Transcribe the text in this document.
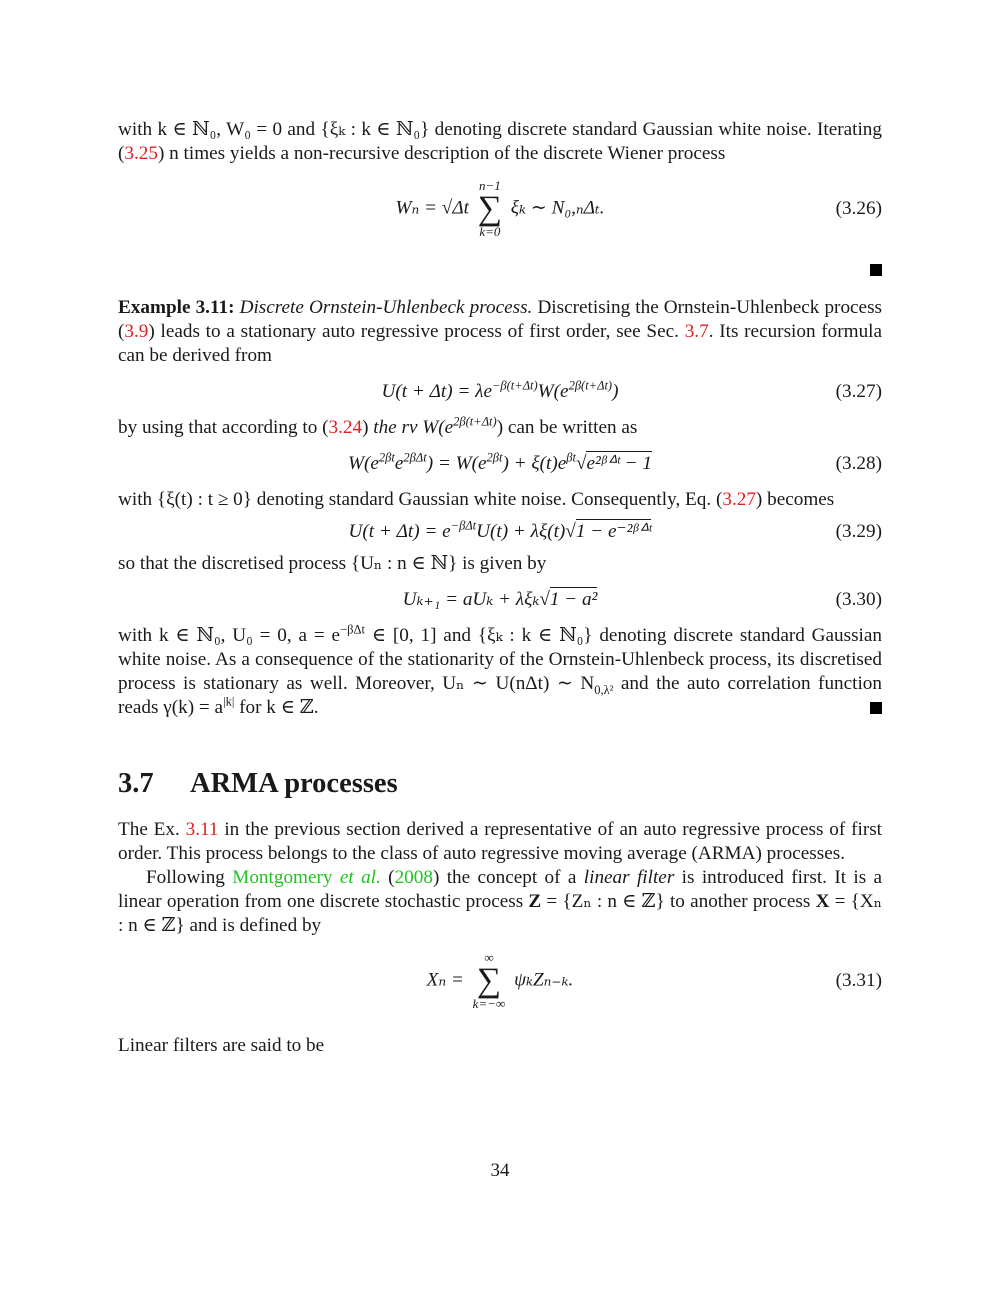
with k ∈ ℕ₀, W₀ = 0 and {ξₖ : k ∈ ℕ₀} denoting discrete standard Gaussian white noise. Iterating (3.25) n times yields a non-recursive description of the discrete Wiener process

Wₙ = √Δt
n−1
∑
k=0
ξₖ ∼ N₀,ₙΔₜ.	(3.26)

Example 3.11: Discrete Ornstein-Uhlenbeck process. Discretising the Ornstein-Uhlenbeck process (3.9) leads to a stationary auto regressive process of first order, see Sec. 3.7. Its recursion formula can be derived from

$U(t + \Delta t) = \lambda e^{-\beta(t+\Delta t)}W(e^{2\beta(t+\Delta t)})$	(3.27)

by using that according to (3.24) the rv $W(e^{2\beta(t+\Delta t)})$ can be written as

$W(e^{2\beta t}e^{2\beta\Delta t}) = W(e^{2\beta t})$ + $\xi(t)e^{\beta t}√e^2ᵝᐞᵗ - 1$	(3.28)

with {ξ(t) : t ≥ 0} denoting standard Gaussian white noise. Consequently, Eq. (3.27) becomes

$U(t + \Delta t) = e^{-\beta\Delta t}U(t) + \lambda\xi(t)√1$ − e⁻²ᵝᐞᵗ	(3.29)

so that the discretised process {Uₙ : n ∈ ℕ} is given by

Uₖ₊₁ = aUₖ + λξₖ√1 − a²	(3.30)

with k ∈ ℕ₀, U₀ = 0, $a = e^{-\beta\Delta t}$ ∈ [0, 1] and {ξₖ : k ∈ ℕ₀} denoting discrete standard Gaussian white noise. As a consequence of the stationarity of the Ornstein-Uhlenbeck process, its discretised process is stationary as well. Moreover, Uₙ ∼ U(nΔt) ∼ $N_{0,\lambda^2}$ and the auto correlation function reads $\gamma(k) = a^{|k|}$ for k ∈ ℤ.

3.7 ARMA processes

The Ex. 3.11 in the previous section derived a representative of an auto regressive process of first order. This process belongs to the class of auto regressive moving average (ARMA) processes.

Following Montgomery et al. (2008) the concept of a linear filter is introduced first. It is a linear operation from one discrete stochastic process Z = {Zₙ : n ∈ ℤ} to another process X = {Xₙ : n ∈ ℤ} and is defined by

Xₙ =
∞
∑
k=−∞
ψₖZₙ₋ₖ.	(3.31)

Linear filters are said to be

34
